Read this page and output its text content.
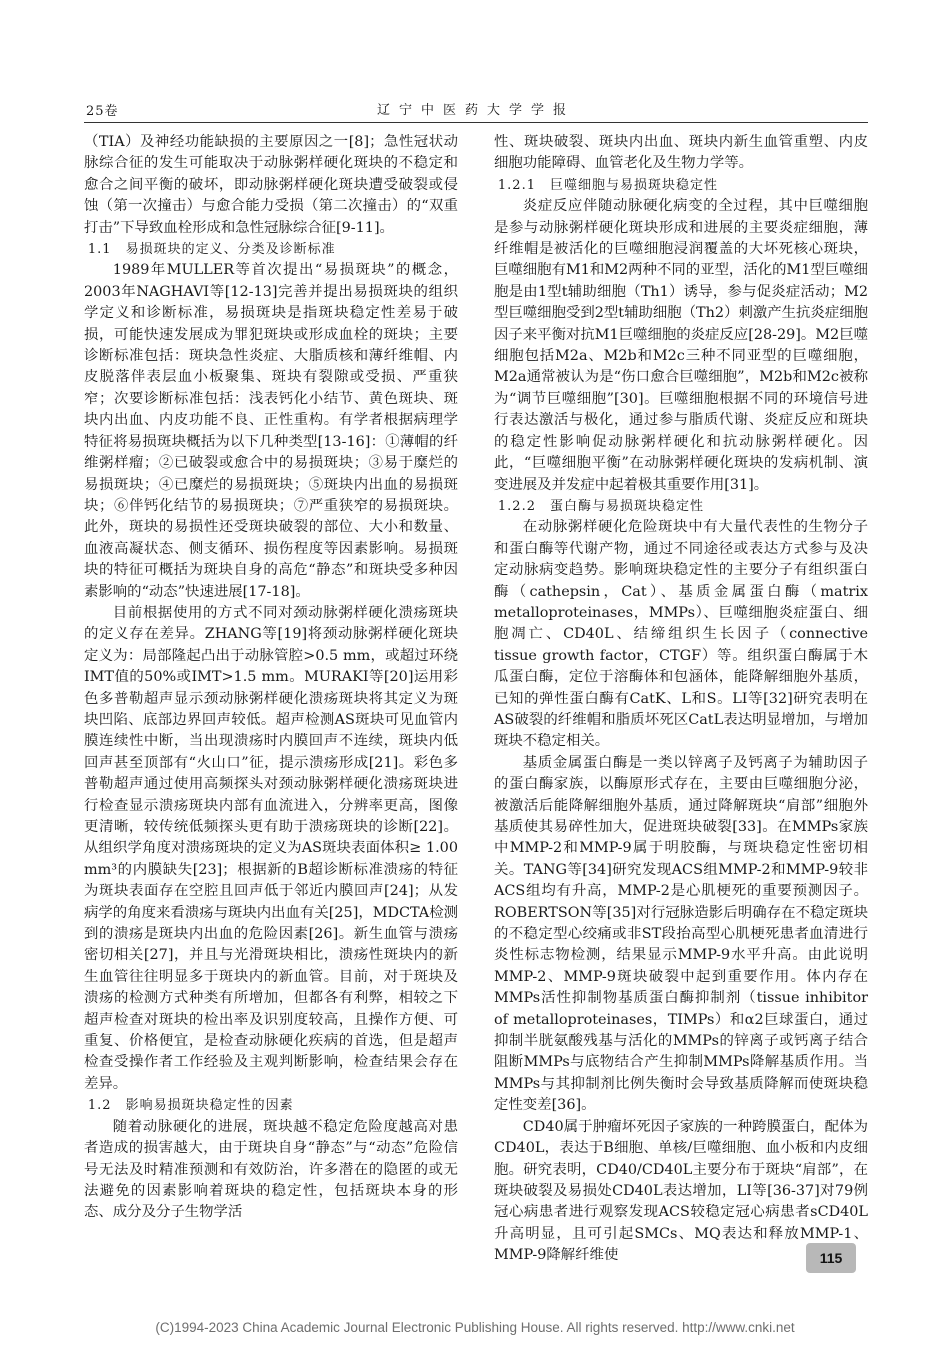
25卷	辽宁中医药大学学报

（TIA）及神经功能缺损的主要原因之一[8]；急性冠状动脉综合征的发生可能取决于动脉粥样硬化斑块的不稳定和愈合之间平衡的破坏，即动脉粥样硬化斑块遭受破裂或侵蚀（第一次撞击）与愈合能力受损（第二次撞击）的“双重打击”下导致血栓形成和急性冠脉综合征[9-11]。

1.1　易损斑块的定义、分类及诊断标准

1989年MULLER等首次提出“易损斑块”的概念，2003年NAGHAVI等[12-13]完善并提出易损斑块的组织学定义和诊断标准，易损斑块是指斑块稳定性差易于破损，可能快速发展成为罪犯斑块或形成血栓的斑块；主要诊断标准包括：斑块急性炎症、大脂质核和薄纤维帽、内皮脱落伴表层血小板聚集、斑块有裂隙或受损、严重狭窄；次要诊断标准包括：浅表钙化小结节、黄色斑块、斑块内出血、内皮功能不良、正性重构。有学者根据病理学特征将易损斑块概括为以下几种类型[13-16]：①薄帽的纤维粥样瘤；②已破裂或愈合中的易损斑块；③易于糜烂的易损斑块；④已糜烂的易损斑块；⑤斑块内出血的易损斑块；⑥伴钙化结节的易损斑块；⑦严重狭窄的易损斑块。此外，斑块的易损性还受斑块破裂的部位、大小和数量、血液高凝状态、侧支循环、损伤程度等因素影响。易损斑块的特征可概括为斑块自身的高危“静态”和斑块受多种因素影响的“动态”快速进展[17-18]。

目前根据使用的方式不同对颈动脉粥样硬化溃疡斑块的定义存在差异。ZHANG等[19]将颈动脉粥样硬化斑块定义为：局部隆起凸出于动脉管腔>0.5 mm，或超过环绕IMT值的50%或IMT>1.5 mm。MURAKI等[20]运用彩色多普勒超声显示颈动脉粥样硬化溃疡斑块将其定义为斑块凹陷、底部边界回声较低。超声检测AS斑块可见血管内膜连续性中断，当出现溃疡时内膜回声不连续，斑块内低回声甚至顶部有“火山口”征，提示溃疡形成[21]。彩色多普勒超声通过使用高频探头对颈动脉粥样硬化溃疡斑块进行检查显示溃疡斑块内部有血流进入，分辨率更高，图像更清晰，较传统低频探头更有助于溃疡斑块的诊断[22]。从组织学角度对溃疡斑块的定义为AS斑块表面体积≥ 1.00 mm³的内膜缺失[23]；根据新的B超诊断标准溃疡的特征为斑块表面存在空腔且回声低于邻近内膜回声[24]；从发病学的角度来看溃疡与斑块内出血有关[25]，MDCTA检测到的溃疡是斑块内出血的危险因素[26]。新生血管与溃疡密切相关[27]，并且与光滑斑块相比，溃疡性斑块内的新生血管往往明显多于斑块内的新血管。目前，对于斑块及溃疡的检测方式种类有所增加，但都各有利弊，相较之下超声检查对斑块的检出率及识别度较高，且操作方便、可重复、价格便宜，是检查动脉硬化疾病的首选，但是超声检查受操作者工作经验及主观判断影响，检查结果会存在差异。

1.2　影响易损斑块稳定性的因素

随着动脉硬化的进展，斑块越不稳定危险度越高对患者造成的损害越大，由于斑块自身“静态”与“动态”危险信号无法及时精准预测和有效防治，许多潜在的隐匿的或无法避免的因素影响着斑块的稳定性，包括斑块本身的形态、成分及分子生物学活

性、斑块破裂、斑块内出血、斑块内新生血管重塑、内皮细胞功能障碍、血管老化及生物力学等。

1.2.1　巨噬细胞与易损斑块稳定性

炎症反应伴随动脉硬化病变的全过程，其中巨噬细胞是参与动脉粥样硬化斑块形成和进展的主要炎症细胞，薄纤维帽是被活化的巨噬细胞浸润覆盖的大坏死核心斑块，巨噬细胞有M1和M2两种不同的亚型，活化的M1型巨噬细胞是由1型t辅助细胞（Th1）诱导，参与促炎症活动；M2型巨噬细胞受到2型t辅助细胞（Th2）刺激产生抗炎症细胞因子来平衡对抗M1巨噬细胞的炎症反应[28-29]。M2巨噬细胞包括M2a、M2b和M2c三种不同亚型的巨噬细胞，M2a通常被认为是“伤口愈合巨噬细胞”，M2b和M2c被称为“调节巨噬细胞”[30]。巨噬细胞根据不同的环境信号进行表达激活与极化，通过参与脂质代谢、炎症反应和斑块的稳定性影响促动脉粥样硬化和抗动脉粥样硬化。因此，“巨噬细胞平衡”在动脉粥样硬化斑块的发病机制、演变进展及并发症中起着极其重要作用[31]。

1.2.2　蛋白酶与易损斑块稳定性

在动脉粥样硬化危险斑块中有大量代表性的生物分子和蛋白酶等代谢产物，通过不同途径或表达方式参与及决定动脉病变趋势。影响斑块稳定性的主要分子有组织蛋白酶（cathepsin，Cat）、基质金属蛋白酶（matrix metalloproteinases，MMPs）、巨噬细胞炎症蛋白、细胞凋亡、CD40L、结缔组织生长因子（connective tissue growth factor，CTGF）等。组织蛋白酶属于木瓜蛋白酶，定位于溶酶体和包涵体，能降解细胞外基质，已知的弹性蛋白酶有CatK、L和S。LI等[32]研究表明在AS破裂的纤维帽和脂质坏死区CatL表达明显增加，与增加斑块不稳定相关。

基质金属蛋白酶是一类以锌离子及钙离子为辅助因子的蛋白酶家族，以酶原形式存在，主要由巨噬细胞分泌，被激活后能降解细胞外基质，通过降解斑块“肩部”细胞外基质使其易碎性加大，促进斑块破裂[33]。在MMPs家族中MMP-2和MMP-9属于明胶酶，与斑块稳定性密切相关。TANG等[34]研究发现ACS组MMP-2和MMP-9较非ACS组均有升高，MMP-2是心肌梗死的重要预测因子。ROBERTSON等[35]对行冠脉造影后明确存在不稳定斑块的不稳定型心绞痛或非ST段抬高型心肌梗死患者血清进行炎性标志物检测，结果显示MMP-9水平升高。由此说明MMP-2、MMP-9斑块破裂中起到重要作用。体内存在MMPs活性抑制物基质蛋白酶抑制剂（tissue inhibitor of metalloproteinases，TIMPs）和α2巨球蛋白，通过抑制半胱氨酸残基与活化的MMPs的锌离子或钙离子结合阻断MMPs与底物结合产生抑制MMPs降解基质作用。当MMPs与其抑制剂比例失衡时会导致基质降解而使斑块稳定性变差[36]。

CD40属于肿瘤坏死因子家族的一种跨膜蛋白，配体为CD40L，表达于B细胞、单核/巨噬细胞、血小板和内皮细胞。研究表明，CD40/CD40L主要分布于斑块“肩部”，在斑块破裂及易损处CD40L表达增加，LI等[36-37]对79例冠心病患者进行观察发现ACS较稳定冠心病患者sCD40L升高明显，且可引起SMCs、MQ表达和释放MMP-1、MMP-9降解纤维使	115
(C)1994-2023 China Academic Journal Electronic Publishing House. All rights reserved. http://www.cnki.net
